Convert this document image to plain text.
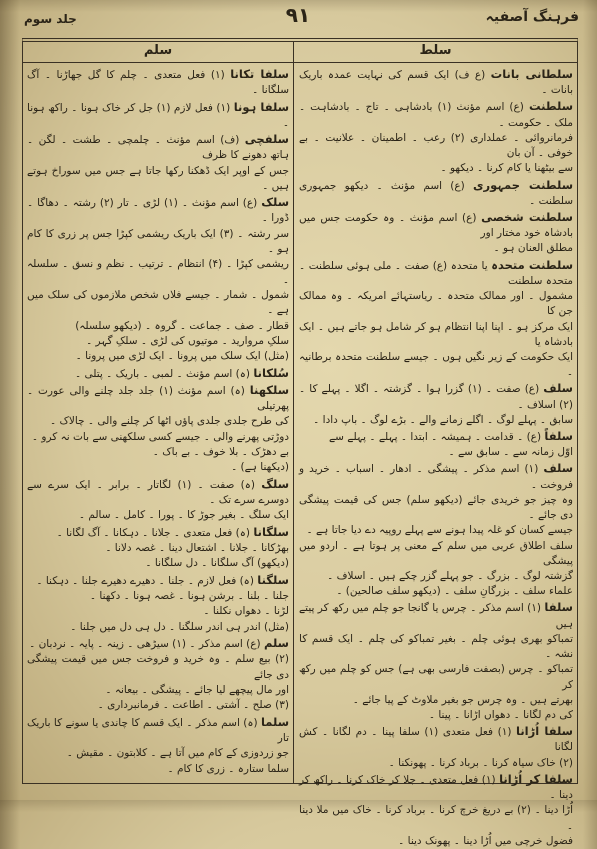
جلد سوم	۹۱	فرہنگ آصفیہ
سلم	سلط
سلفا تکانا (۱) فعل متعدی ۔ چلم کا گل جھاڑنا ۔ آگ سلگانا ۔
سلفا ہونا (۱) فعل لازم (۱) جل کر خاک ہونا ۔ راکھ ہونا ۔
سلفچی (ف) اسم مؤنث ۔ چلمچی ۔ طشت ۔ لگن ۔ ہاتھ دھونے کا ظرف
جس کے اوپر ایک ڈھکنا رکھا جاتا ہے جس میں سوراخ ہوتے ہیں ۔
سلک (ع) اسم مؤنث ۔ (۱) لڑی ۔ تار (۲) رشتہ ۔ دھاگا ۔ ڈورا ۔
سر رشتہ ۔ (۳) ایک باریک ریشمی کپڑا جس پر زری کا کام ہو ۔
ریشمی کپڑا ۔ (۴) انتظام ۔ ترتیب ۔ نظم و نسق ۔ سلسلہ ۔
شمول ۔ شمار ۔ جیسے فلاں شخص ملازموں کی سلک میں ہے ۔
قطار ۔ صف ۔ جماعت ۔ گروہ ۔ (دیکھو سلسلہ)
سلکِ مروارید ۔ موتیوں کی لڑی ۔ سلکِ گہر ۔
(مثل) ایک سلک میں پرونا ۔ ایک لڑی میں پرونا ۔
سُلکانا (ہ) اسم مؤنث ۔ لمبی ۔ باریک ۔ پتلی ۔
سلکھنا (ہ) اسم مؤنث (۱) جلد جلد چلنے والی عورت ۔ پھرتیلی
کی طرح جلدی جلدی پاؤں اٹھا کر چلنے والی ۔ چالاک ۔
دوڑتی پھرنے والی ۔ جیسے کسی سلکھنی سے بات نہ کرو ۔
بے دھڑک ۔ بلا خوف ۔ بے باک ۔
(دیکھنا ہے) ۔
سلگ (ہ) صفت ۔ (۱) لگاتار ۔ برابر ۔ ایک سرے سے دوسرے سرے تک ۔
ایک سلگ ۔ بغیر جوڑ کا ۔ پورا ۔ کامل ۔ سالم ۔
سلگانا (ہ) فعل متعدی ۔ جلانا ۔ دہکانا ۔ آگ لگانا ۔
بھڑکانا ۔ جلانا ۔ اشتعال دینا ۔ غصہ دلانا ۔
(دیکھو) آگ سلگانا ۔ دل سلگانا ۔
سلگنا (ہ) فعل لازم ۔ جلنا ۔ دھیرے دھیرے جلنا ۔ دہکنا ۔
جلنا ۔ بلنا ۔ برشن ہونا ۔ غصہ ہونا ۔ دکھنا ۔
لڑنا ۔ دھواں نکلنا ۔
(مثل) اندر ہی اندر سلگنا ۔ دل ہی دل میں جلنا ۔
سلم (ع) اسم مذکر ۔ (۱) سیڑھی ۔ زینہ ۔ پایہ ۔ نردبان ۔
(۲) بیع سلم ۔ وہ خرید و فروخت جس میں قیمت پیشگی دی جائے
اور مال پیچھے لیا جائے ۔ پیشگی ۔ بیعانہ ۔
(۳) صلح ۔ آشتی ۔ اطاعت ۔ فرمانبرداری ۔
سلما (ہ) اسم مذکر ۔ ایک قسم کا چاندی یا سونے کا باریک تار
جو زردوزی کے کام میں آتا ہے ۔ کلابتون ۔ مقیش ۔
سلما ستارہ ۔ زری کا کام ۔
سلطانی بانات (ع ف) ایک قسم کی نہایت عمدہ باریک بانات ۔
سلطنت (ع) اسم مؤنث (۱) بادشاہی ۔ تاج ۔ بادشاہت ۔ ملک ۔ حکومت ۔
فرمانروائی ۔ عملداری (۲) رعب ۔ اطمینان ۔ علانیت ۔ بے خوفی ۔ آن بان
سے بیٹھنا یا کام کرنا ۔ دیکھو ۔
سلطنت جمہوری (ع) اسم مؤنث ۔ دیکھو جمہوری سلطنت ۔
سلطنت شخصی (ع) اسم مؤنث ۔ وہ حکومت جس میں بادشاہ خود مختار اور
مطلق العنان ہو ۔
سلطنت متحدہ یا متحدہ (ع) صفت ۔ ملی ہوئی سلطنت ۔ متحدہ سلطنت
مشمول ۔ اور ممالک متحدہ ۔ ریاستہائے امریکہ ۔ وہ ممالک جن کا
ایک مرکز ہو ۔ اپنا اپنا انتظام ہو کر شامل ہو جاتے ہیں ۔ ایک بادشاہ یا
ایک حکومت کے زیر نگیں ہوں ۔ جیسے سلطنت متحدہ برطانیہ ۔
سلف (ع) صفت ۔ (۱) گزرا ہوا ۔ گزشتہ ۔ اگلا ۔ پہلے کا ۔ (۲) اسلاف ۔
سابق ۔ پہلے لوگ ۔ اگلے زمانے والے ۔ بڑے لوگ ۔ باپ دادا ۔
سلفاً (ع) ۔ قدامت ۔ ہمیشہ ۔ ابتدا ۔ پہلے ۔ پہلے سے
اوّل زمانہ سے ۔ سابق سے ۔
سلف (۱) اسم مذکر ۔ پیشگی ۔ ادھار ۔ اسباب ۔ خرید و فروخت ۔
وہ چیز جو خریدی جائے (دیکھو سلم) جس کی قیمت پیشگی دی جائے ۔
جیسے کسان کو غلہ پیدا ہونے سے پہلے روپیہ دے دیا جاتا ہے ۔
سلف اطلاق عربی میں سلم کے معنی پر ہوتا ہے ۔ اردو میں پیشگی
گزشتہ لوگ ۔ بزرگ ۔ جو پہلے گزر چکے ہیں ۔ اسلاف ۔
علماء سلف ۔ بزرگانِ سلف ۔ (دیکھو سلف صالحین) ۔
سلفا (۱) اسم مذکر ۔ چرس یا گانجا جو چلم میں رکھ کر پیتے ہیں
تمباکو بھری ہوئی چلم ۔ بغیر تمباکو کی چلم ۔ ایک قسم کا نشہ ۔
تمباکو ۔ چرس (بصفت فارسی بھی ہے) جس کو چلم میں رکھ کر
بھرتے ہیں ۔ وہ چرس جو بغیر ملاوٹ کے پیا جائے ۔
کی دم لگانا ۔ دھواں اڑانا ۔ پینا ۔
سلفا اُڑانا (۱) فعل متعدی (۱) سلفا پینا ۔ دم لگانا ۔ کش لگانا
(۲) خاک سیاہ کرنا ۔ برباد کرنا ۔ پھونکنا ۔
سلفا کر اُڑانا (۱) فعل متعدی ۔ جلا کر خاک کرنا ۔ راکھ کر دینا ۔
اُڑا دینا ۔ (۲) بے دریغ خرچ کرنا ۔ برباد کرنا ۔ خاک میں ملا دینا ۔
فضول خرچی میں اُڑا دینا ۔ پھونک دینا ۔
